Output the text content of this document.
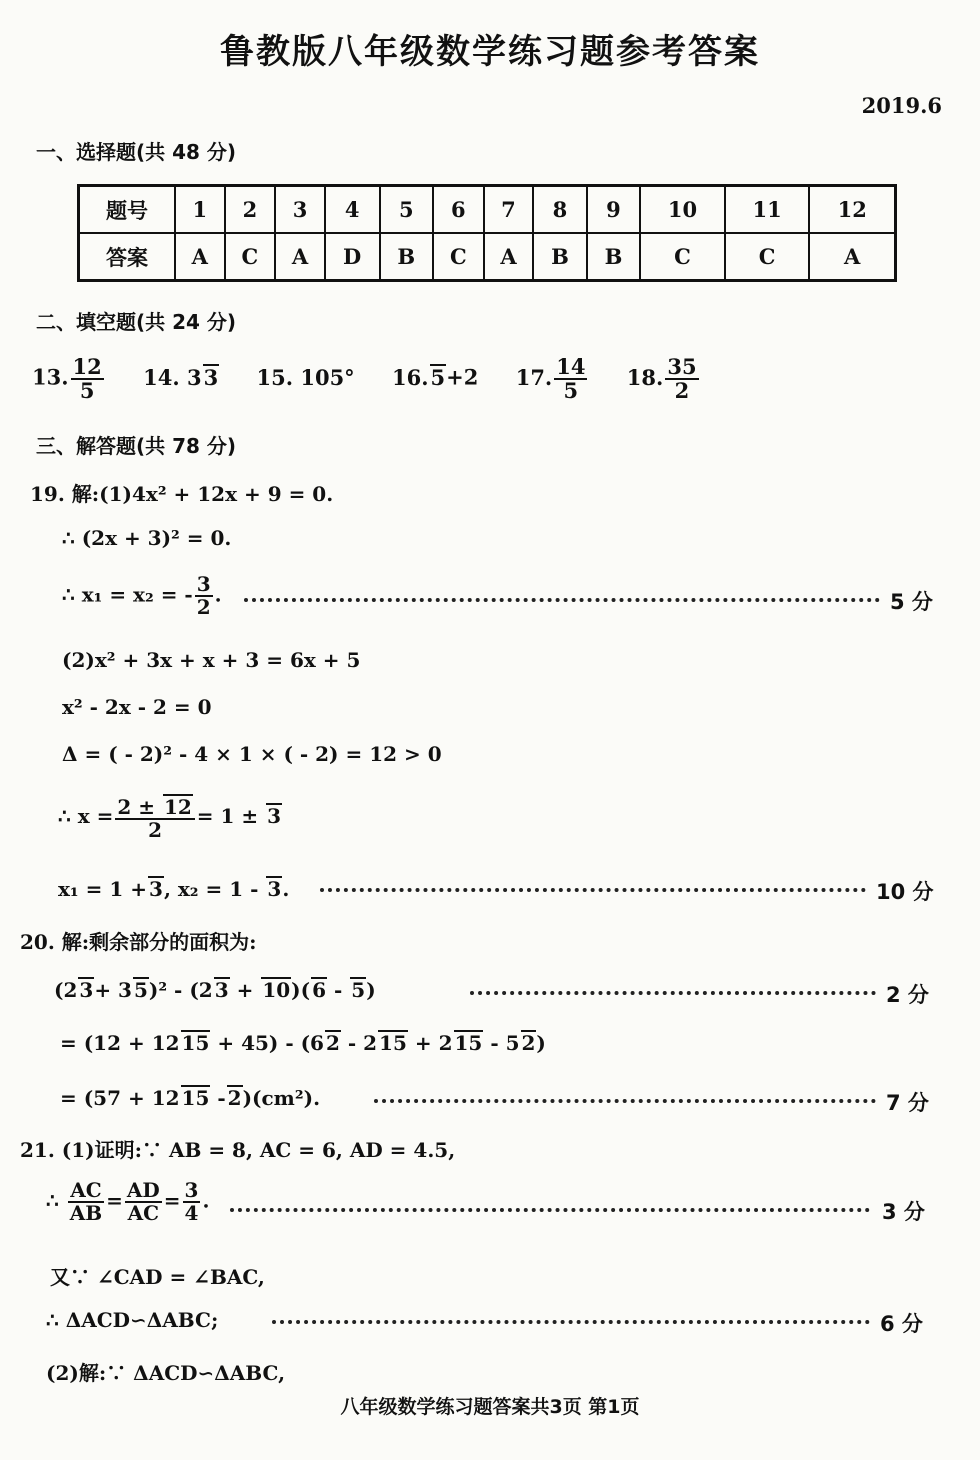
鲁教版八年级数学练习题参考答案
2019.6
一、选择题(共 48 分)
题号	1	2	3	4	5	6	7	8	9	10	11	12
答案	A	C	A	D	B	C	A	B	B	C	C	A
二、填空题(共 24 分)
13. $\frac{12}{5} 14$. 33 15. 105° 16.5+2 17. $\frac{14}{5} 18$. $\frac{35}{2}$
三、解答题(共 78 分)
19. 解:(1)4x² + 12x + 9 = 0.
∴ (2x + 3)² = 0.
∴ x₁ = x₂ = - $\frac{3}{2}$ .	5 分
(2)x² + 3x + x + 3 = 6x + 5
x² - 2x - 2 = 0
Δ = ( - 2)² - 4 × 1 × ( - 2) = 12 > 0
∴ $x = \frac{2 \pm 12}{2} = 1 \pm 3$
x₁ = 1 + 3, x₂ = 1 - 3.	10 分
20. 解:剩余部分的面积为:
(2 3+ 3 5)² - (2 3 + 10)( 6 - 5)	2 分
= (12 + 12 15 + 45) - (6 2 - 2 15 + 2 15 - 5 2)
= (57 + 12 15 - 2)(cm²).	7 分
21. (1)证明:∵ AB = 8, AC = 6, AD = 4.5,
∴ $\frac{AC}{AB} = \frac{AD}{AC} = \frac{3}{4}$ .	3 分
又∵ ∠CAD = ∠BAC,
∴ ΔACD∽ΔABC;	6 分
(2)解:∵ ΔACD∽ΔABC,
八年级数学练习题答案共3页 第1页
